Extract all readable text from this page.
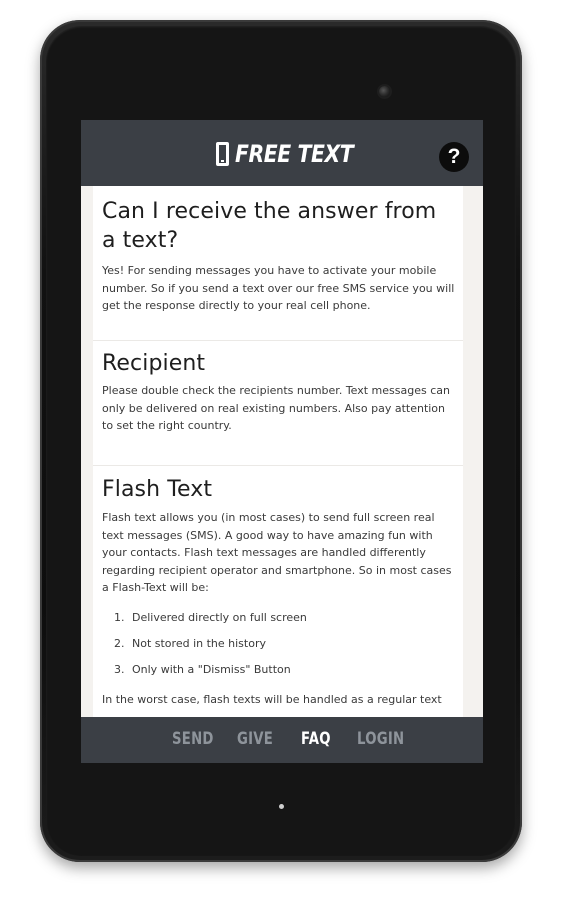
FREE TEXT	?
Can I receive the answer from a text?

Yes! For sending messages you have to activate your mobile number. So if you send a text over our free SMS service you will get the response directly to your real cell phone.

Recipient

Please double check the recipients number. Text messages can only be delivered on real existing numbers. Also pay attention to set the right country.

Flash Text

Flash text allows you (in most cases) to send full screen real text messages (SMS). A good way to have amazing fun with your contacts. Flash text messages are handled differently regarding recipient operator and smartphone. So in most cases a Flash-Text will be:

1. Delivered directly on full screen
2. Not stored in the history
3. Only with a "Dismiss" Button

In the worst case, flash texts will be handled as a regular text

SEND GIVE FAQ LOGIN
